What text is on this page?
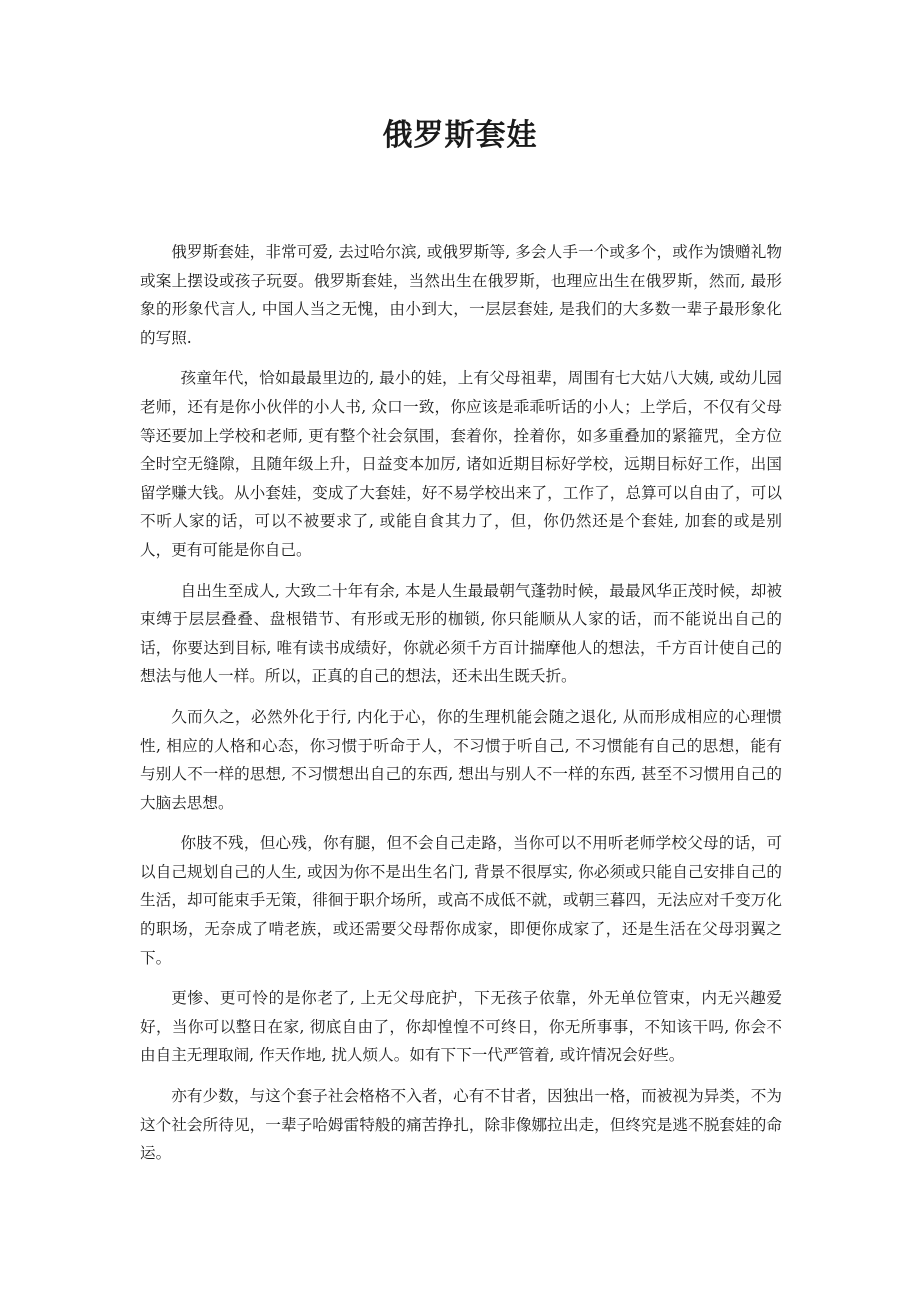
俄罗斯套娃

俄罗斯套娃，非常可爱, 去过哈尔滨, 或俄罗斯等, 多会人手一个或多个，或作为馈赠礼物或案上摆设或孩子玩耍。俄罗斯套娃，当然出生在俄罗斯，也理应出生在俄罗斯，然而, 最形象的形象代言人, 中国人当之无愧，由小到大，一层层套娃, 是我们的大多数一辈子最形象化的写照.

孩童年代，恰如最最里边的, 最小的娃，上有父母祖辈，周围有七大姑八大姨, 或幼儿园老师，还有是你小伙伴的小人书, 众口一致，你应该是乖乖听话的小人；上学后，不仅有父母等还要加上学校和老师, 更有整个社会氛围，套着你，拴着你，如多重叠加的紧箍咒，全方位全时空无缝隙，且随年级上升，日益变本加厉, 诸如近期目标好学校，远期目标好工作，出国留学赚大钱。从小套娃，变成了大套娃，好不易学校出来了，工作了，总算可以自由了，可以不听人家的话，可以不被要求了, 或能自食其力了，但，你仍然还是个套娃, 加套的或是别人，更有可能是你自己。

自出生至成人, 大致二十年有余, 本是人生最最朝气蓬勃时候，最最风华正茂时候，却被束缚于层层叠叠、盘根错节、有形或无形的枷锁, 你只能顺从人家的话，而不能说出自己的话，你要达到目标, 唯有读书成绩好，你就必须千方百计揣摩他人的想法，千方百计使自己的想法与他人一样。所以，正真的自己的想法，还未出生既夭折。

久而久之，必然外化于行, 内化于心，你的生理机能会随之退化, 从而形成相应的心理惯性, 相应的人格和心态，你习惯于听命于人，不习惯于听自己, 不习惯能有自己的思想，能有与别人不一样的思想, 不习惯想出自己的东西, 想出与别人不一样的东西, 甚至不习惯用自己的大脑去思想。

你肢不残，但心残，你有腿，但不会自己走路，当你可以不用听老师学校父母的话，可以自己规划自己的人生, 或因为你不是出生名门, 背景不很厚实, 你必须或只能自己安排自己的生活，却可能束手无策，徘徊于职介场所，或高不成低不就，或朝三暮四，无法应对千变万化的职场，无奈成了啃老族，或还需要父母帮你成家，即便你成家了，还是生活在父母羽翼之下。

更惨、更可怜的是你老了, 上无父母庇护，下无孩子依靠，外无单位管束，内无兴趣爱好，当你可以整日在家, 彻底自由了，你却惶惶不可终日，你无所事事，不知该干吗, 你会不由自主无理取闹, 作天作地, 扰人烦人。如有下下一代严管着, 或许情况会好些。

亦有少数，与这个套子社会格格不入者，心有不甘者，因独出一格，而被视为异类，不为这个社会所待见，一辈子哈姆雷特般的痛苦挣扎，除非像娜拉出走，但终究是逃不脱套娃的命运。
